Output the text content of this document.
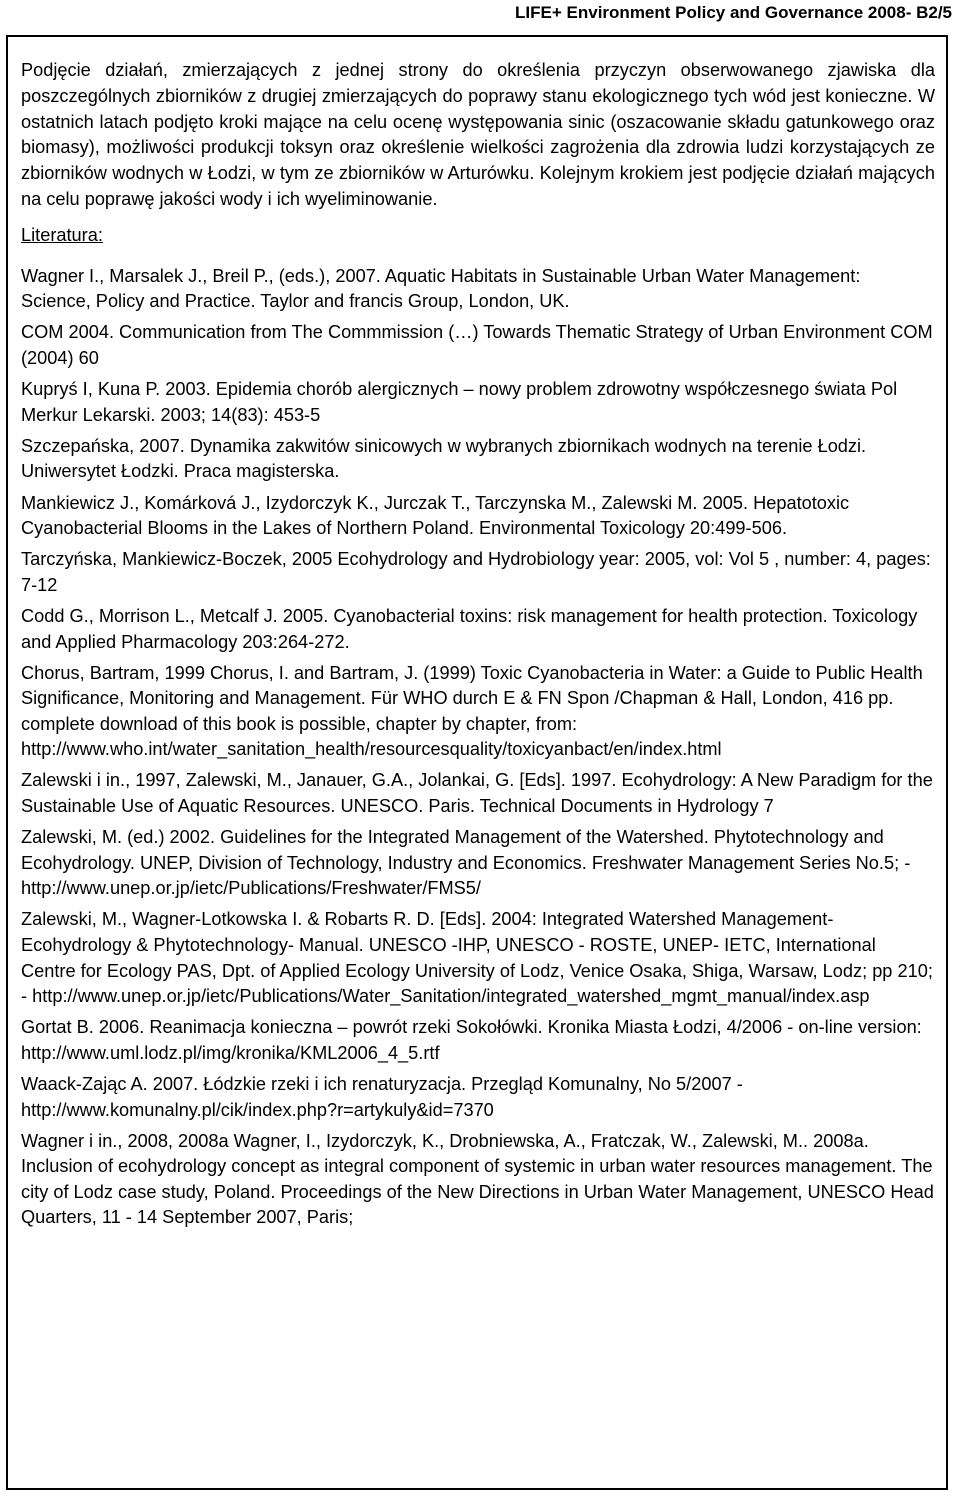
LIFE+ Environment Policy and Governance 2008- B2/5

Podjęcie działań, zmierzających z jednej strony do określenia przyczyn obserwowanego zjawiska dla poszczególnych zbiorników z drugiej zmierzających do poprawy stanu ekologicznego tych wód jest konieczne. W ostatnich latach podjęto kroki mające na celu ocenę występowania sinic (oszacowanie składu gatunkowego oraz biomasy), możliwości produkcji toksyn oraz określenie wielkości zagrożenia dla zdrowia ludzi korzystających ze zbiorników wodnych w Łodzi, w tym ze zbiorników w Arturówku. Kolejnym krokiem jest podjęcie działań mających na celu poprawę jakości wody i ich wyeliminowanie.

Literatura:
Wagner I., Marsalek J., Breil P., (eds.), 2007. Aquatic Habitats in Sustainable Urban Water Management: Science, Policy and Practice. Taylor and francis Group, London, UK.
COM 2004. Communication from The Commmission (…) Towards Thematic Strategy of Urban Environment COM (2004) 60
Kupryś I, Kuna P. 2003. Epidemia chorób alergicznych – nowy problem zdrowotny współczesnego świata Pol Merkur Lekarski. 2003; 14(83): 453-5
Szczepańska, 2007. Dynamika zakwitów sinicowych w wybranych zbiornikach wodnych na terenie Łodzi. Uniwersytet Łodzki. Praca magisterska.
Mankiewicz J., Komárková J., Izydorczyk K., Jurczak T., Tarczynska M., Zalewski M. 2005. Hepatotoxic Cyanobacterial Blooms in the Lakes of Northern Poland. Environmental Toxicology 20:499-506.
Tarczyńska, Mankiewicz-Boczek, 2005 Ecohydrology and Hydrobiology year: 2005, vol: Vol 5 , number: 4, pages: 7-12
Codd G., Morrison L., Metcalf J. 2005. Cyanobacterial toxins: risk management for health protection. Toxicology and Applied Pharmacology 203:264-272.
Chorus, Bartram, 1999 Chorus, I. and Bartram, J. (1999) Toxic Cyanobacteria in Water: a Guide to Public Health Significance, Monitoring and Management. Für WHO durch E & FN Spon /Chapman & Hall, London, 416 pp. complete download of this book is possible, chapter by chapter, from: http://www.who.int/water_sanitation_health/resourcesquality/toxicyanbact/en/index.html
Zalewski i in., 1997, Zalewski, M., Janauer, G.A., Jolankai, G. [Eds]. 1997. Ecohydrology: A New Paradigm for the Sustainable Use of Aquatic Resources. UNESCO. Paris. Technical Documents in Hydrology 7
Zalewski, M. (ed.) 2002. Guidelines for the Integrated Management of the Watershed. Phytotechnology and Ecohydrology. UNEP, Division of Technology, Industry and Economics. Freshwater Management Series No.5; - http://www.unep.or.jp/ietc/Publications/Freshwater/FMS5/
Zalewski, M., Wagner-Lotkowska I. & Robarts R. D. [Eds]. 2004: Integrated Watershed Management-Ecohydrology & Phytotechnology- Manual. UNESCO -IHP, UNESCO - ROSTE, UNEP- IETC, International Centre for Ecology PAS, Dpt. of Applied Ecology University of Lodz, Venice Osaka, Shiga, Warsaw, Lodz; pp 210; - http://www.unep.or.jp/ietc/Publications/Water_Sanitation/integrated_watershed_mgmt_manual/index.asp
Gortat B. 2006. Reanimacja konieczna – powrót rzeki Sokołówki. Kronika Miasta Łodzi, 4/2006 - on-line version: http://www.uml.lodz.pl/img/kronika/KML2006_4_5.rtf
Waack-Zając A. 2007. Łódzkie rzeki i ich renaturyzacja. Przegląd Komunalny, No 5/2007 - http://www.komunalny.pl/cik/index.php?r=artykuly&id=7370
Wagner i in., 2008, 2008a Wagner, I., Izydorczyk, K., Drobniewska, A., Fratczak, W., Zalewski, M.. 2008a. Inclusion of ecohydrology concept as integral component of systemic in urban water resources management. The city of Lodz case study, Poland. Proceedings of the New Directions in Urban Water Management, UNESCO Head Quarters, 11 - 14 September 2007, Paris;
